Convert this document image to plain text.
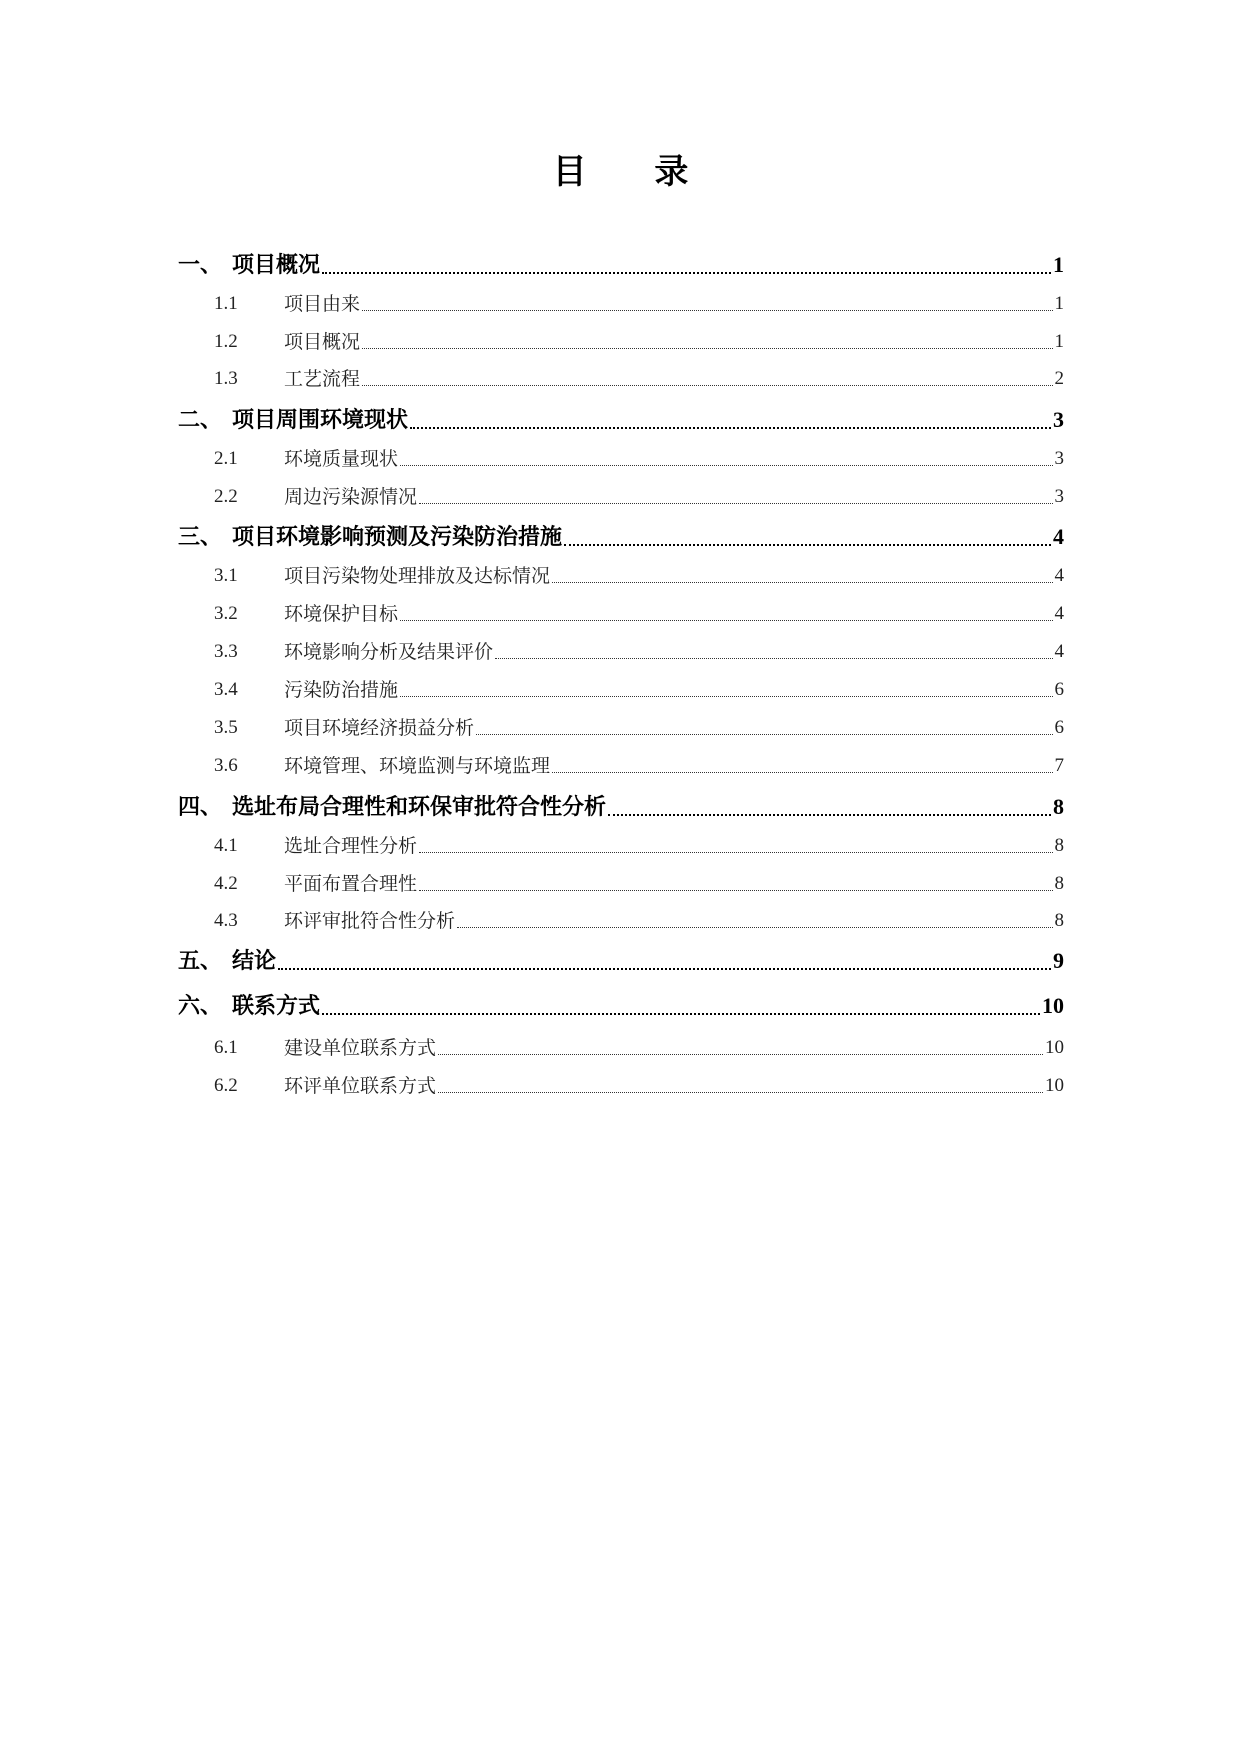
目 录
一、 项目概况	1
1.1	项目由来	1
1.2	项目概况	1
1.3	工艺流程	2
二、 项目周围环境现状	3
2.1	环境质量现状	3
2.2	周边污染源情况	3
三、 项目环境影响预测及污染防治措施	4
3.1	项目污染物处理排放及达标情况	4
3.2	环境保护目标	4
3.3	环境影响分析及结果评价	4
3.4	污染防治措施	6
3.5	项目环境经济损益分析	6
3.6	环境管理、环境监测与环境监理	7
四、 选址布局合理性和环保审批符合性分析	8
4.1	选址合理性分析	8
4.2	平面布置合理性	8
4.3	环评审批符合性分析	8
五、 结论	9
六、 联系方式	10
6.1	建设单位联系方式	10
6.2	环评单位联系方式	10
